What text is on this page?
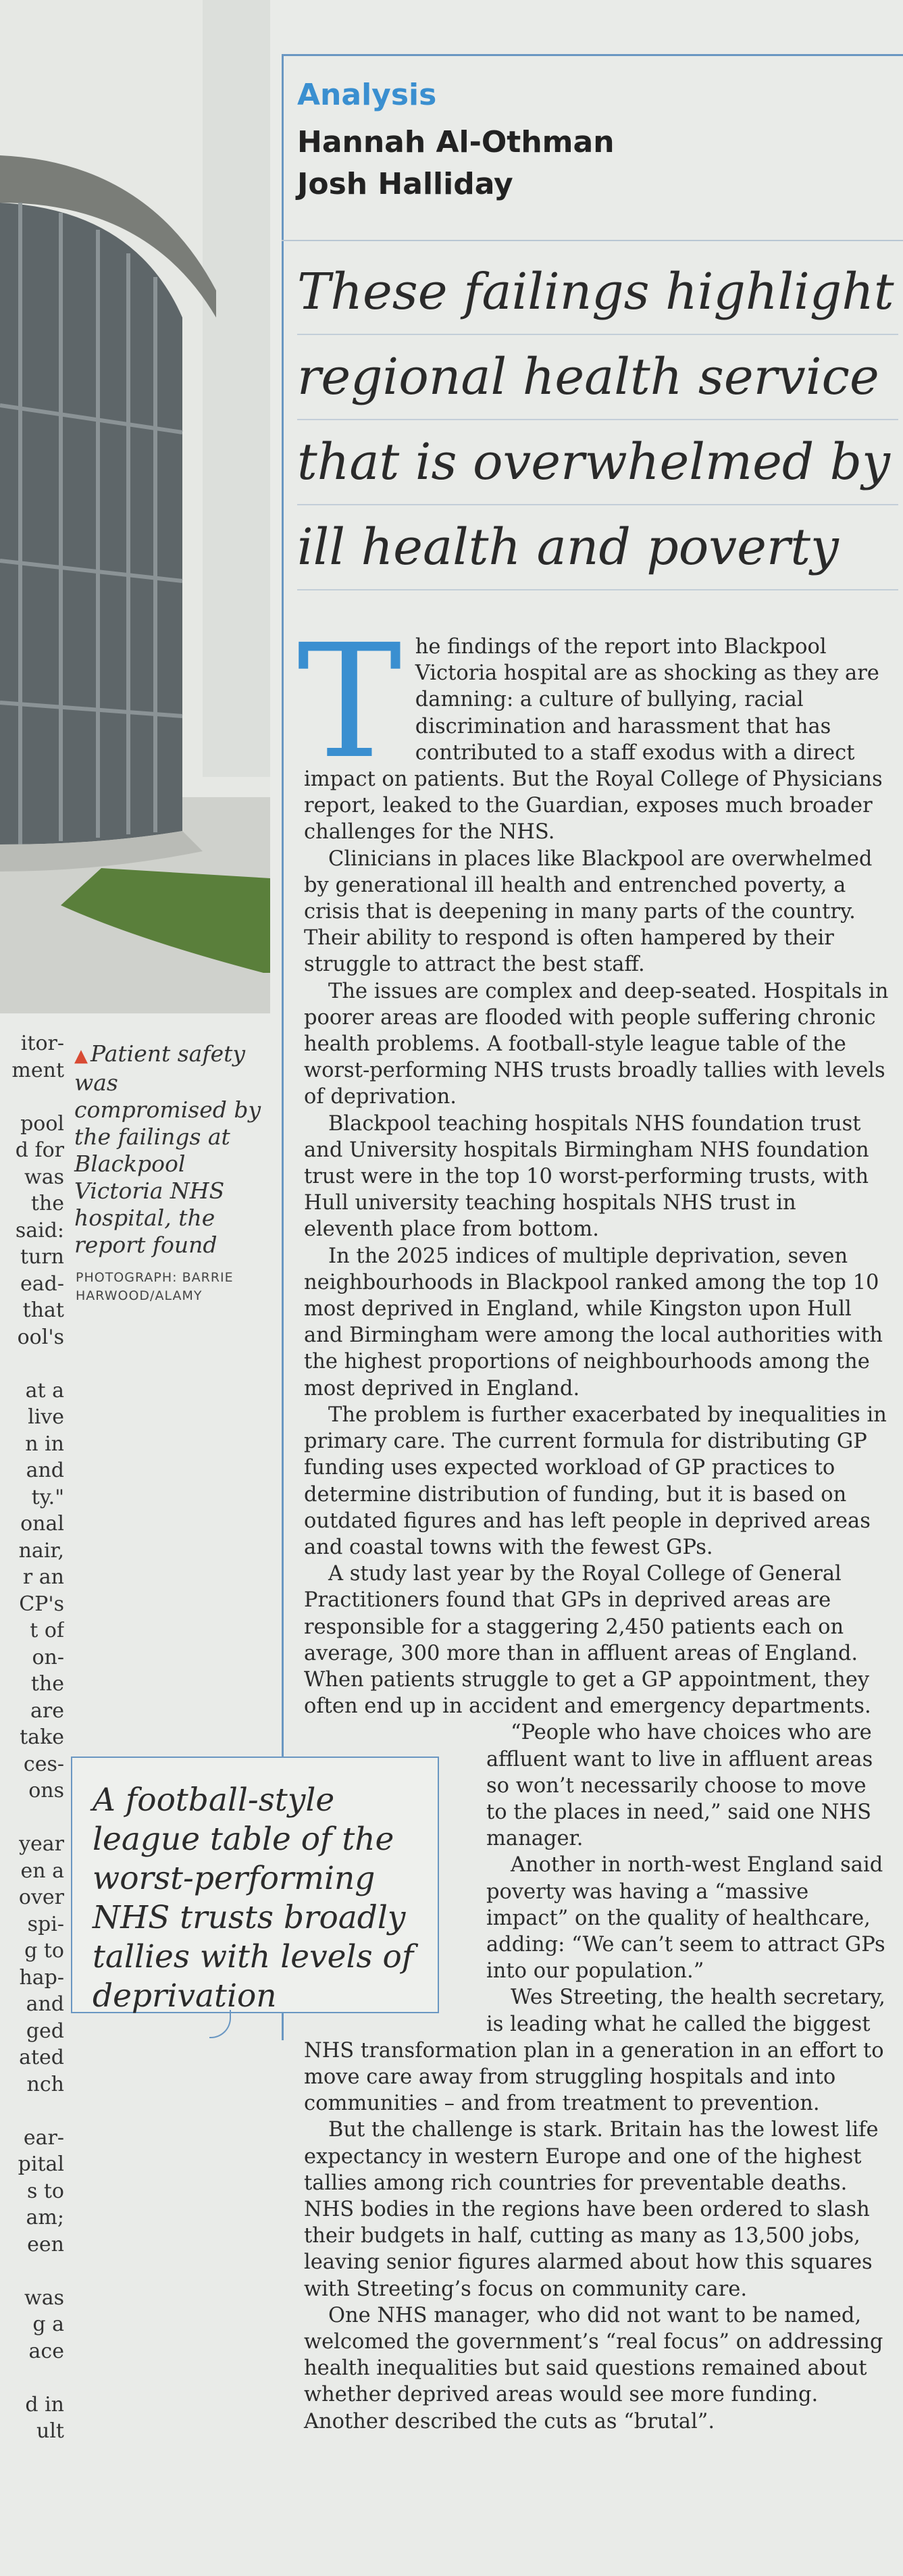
itor-
ment

pool
d for
was
the
said:
turn
ead-
that
ool's

at a
live
n in
and
ty."
onal
nair,
r an
CP's
t of
on-
the
are
take
ces-
ons

year
en a
over
spi-
g to
hap-
and
ged
ated
nch

ear-
pital
s to
am;
een

was
g a
ace

d in
ult
▲ Patient safety was compromised by the failings at Blackpool Victoria NHS hospital, the report found
PHOTOGRAPH: BARRIE HARWOOD/ALAMY
Analysis
Hannah Al-Othman
Josh Halliday
These failings highlight
regional health service
that is overwhelmed by
ill health and poverty

The findings of the report into Blackpool Victoria hospital are as shocking as they are damning: a culture of bullying, racial discrimination and harassment that has contributed to a staff exodus with a direct impact on patients. But the Royal College of Physicians report, leaked to the Guardian, exposes much broader challenges for the NHS.

Clinicians in places like Blackpool are overwhelmed by generational ill health and entrenched poverty, a crisis that is deepening in many parts of the country. Their ability to respond is often hampered by their struggle to attract the best staff.

The issues are complex and deep-seated. Hospitals in poorer areas are flooded with people suffering chronic health problems. A football-style league table of the worst-performing NHS trusts broadly tallies with levels of deprivation.

Blackpool teaching hospitals NHS foundation trust and University hospitals Birmingham NHS foundation trust were in the top 10 worst-performing trusts, with Hull university teaching hospitals NHS trust in eleventh place from bottom.

In the 2025 indices of multiple deprivation, seven neighbourhoods in Blackpool ranked among the top 10 most deprived in England, while Kingston upon Hull and Birmingham were among the local authorities with the highest proportions of neighbourhoods among the most deprived in England.

The problem is further exacerbated by inequalities in primary care. The current formula for distributing GP funding uses expected workload of GP practices to determine distribution of funding, but it is based on outdated figures and has left people in deprived areas and coastal towns with the fewest GPs.

A study last year by the Royal College of General Practitioners found that GPs in deprived areas are responsible for a staggering 2,450 patients each on average, 300 more than in affluent areas of England. When patients struggle to get a GP appointment, they often end up in accident and emergency departments.

“People who have choices who are affluent want to live in affluent areas so won’t necessarily choose to move to the places in need,” said one NHS manager.

Another in north-west England said poverty was having a “massive impact” on the quality of healthcare, adding: “We can’t seem to attract GPs into our population.”

Wes Streeting, the health secretary, is leading what he called the biggest NHS transformation plan in a generation in an effort to move care away from struggling hospitals and into communities – and from treatment to prevention.

But the challenge is stark. Britain has the lowest life expectancy in western Europe and one of the highest tallies among rich countries for preventable deaths. NHS bodies in the regions have been ordered to slash their budgets in half, cutting as many as 13,500 jobs, leaving senior figures alarmed about how this squares with Streeting’s focus on community care.

One NHS manager, who did not want to be named, welcomed the government’s “real focus” on addressing health inequalities but said questions remained about whether deprived areas would see more funding. Another described the cuts as “brutal”.

A football-style league table of the worst-performing NHS trusts broadly tallies with levels of deprivation
